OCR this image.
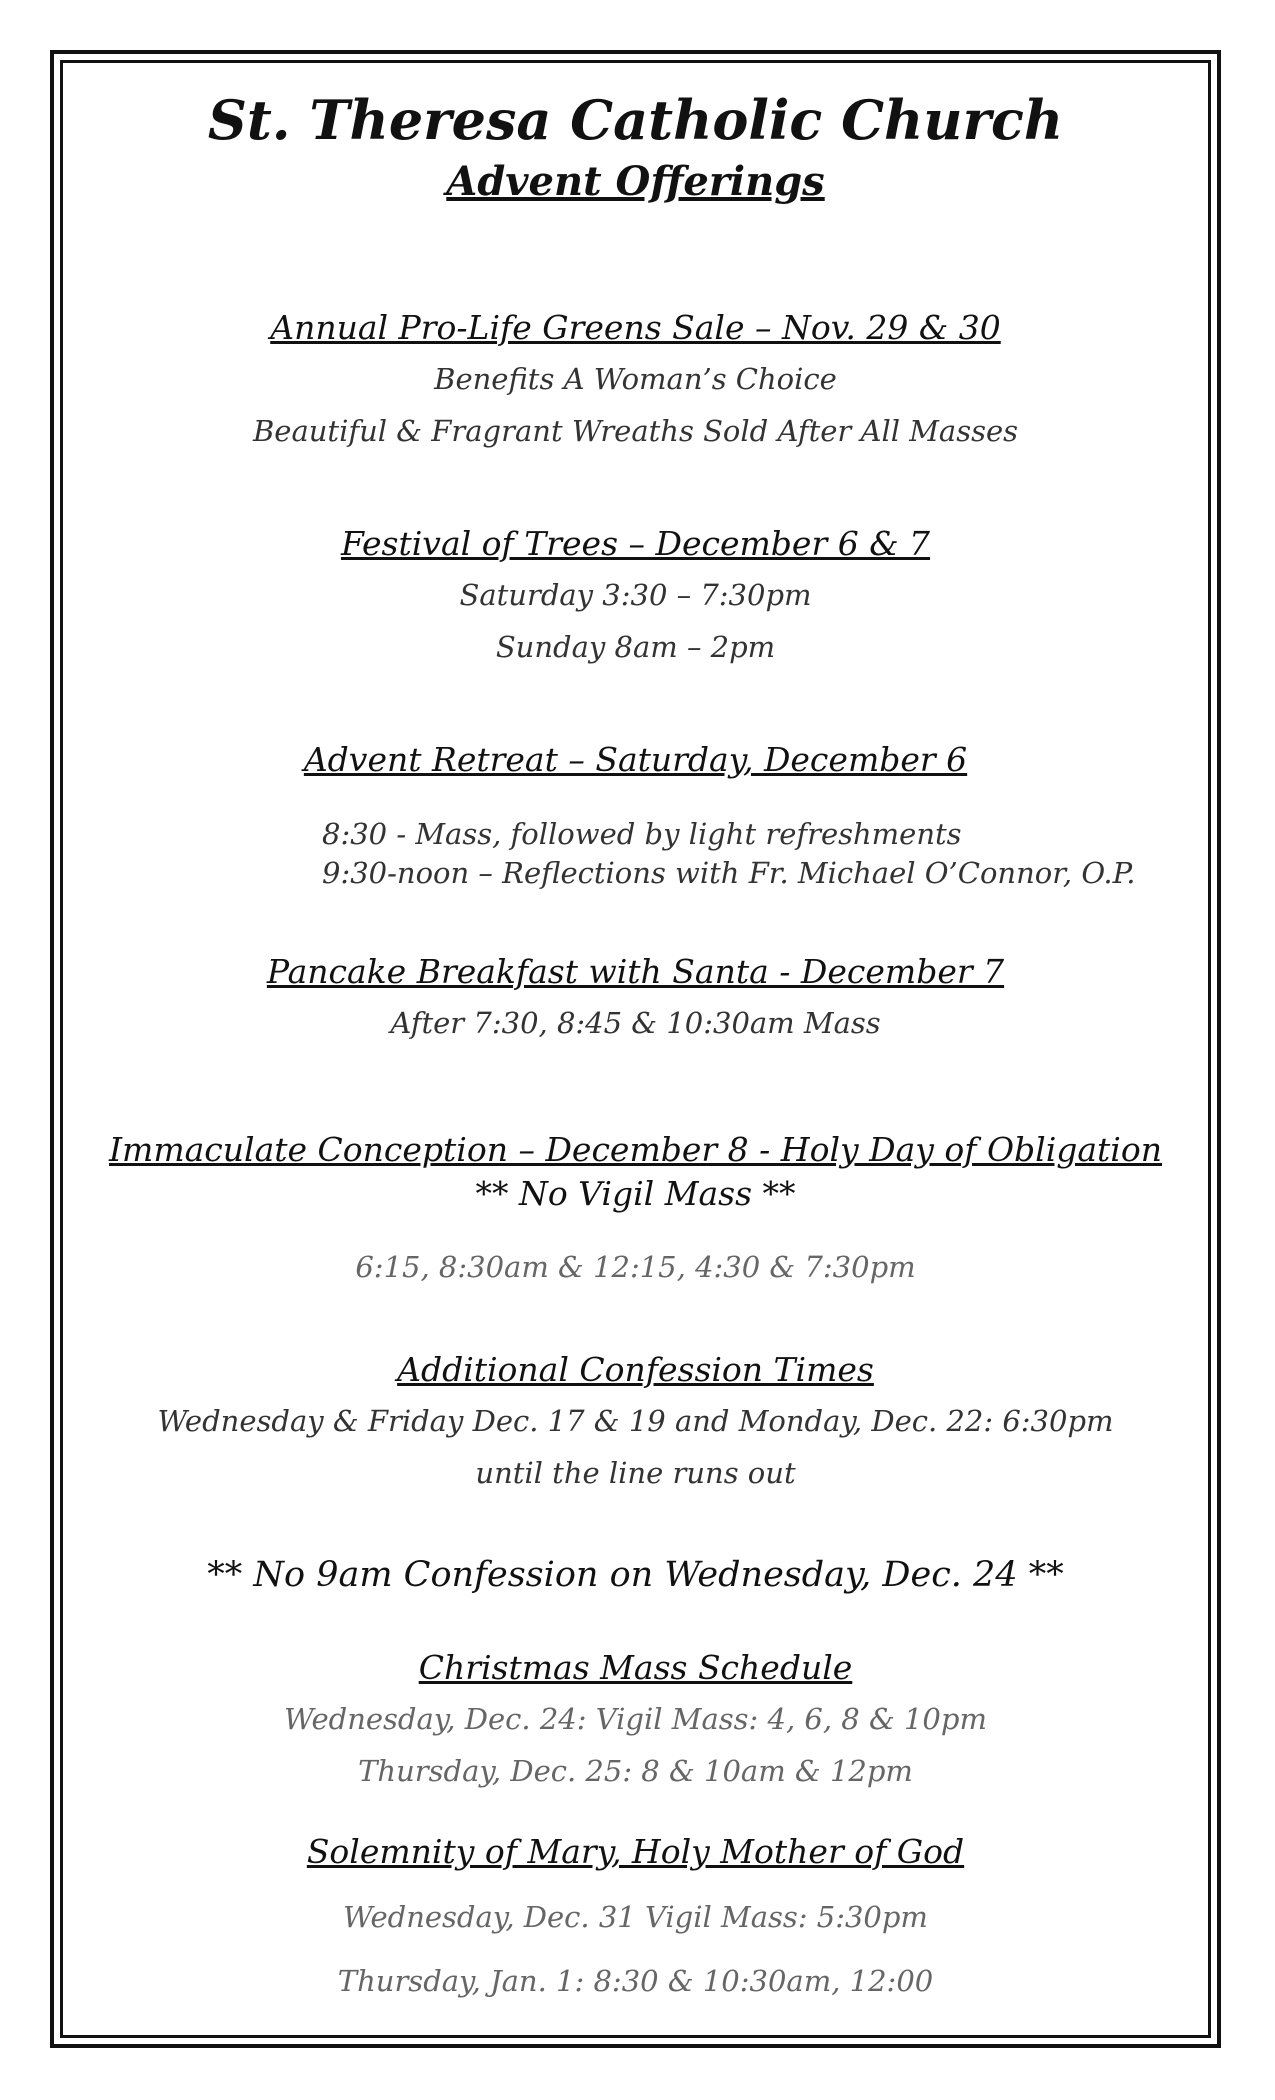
St. Theresa Catholic Church
Advent Offerings
Annual Pro-Life Greens Sale – Nov. 29 & 30
Benefits A Woman’s Choice
Beautiful & Fragrant Wreaths Sold After All Masses
Festival of Trees – December 6 & 7
Saturday 3:30 – 7:30pm
Sunday 8am – 2pm
Advent Retreat – Saturday, December 6
8:30 - Mass, followed by light refreshments
9:30-noon – Reflections with Fr. Michael O’Connor, O.P.
Pancake Breakfast with Santa - December 7
After 7:30, 8:45 & 10:30am Mass
Immaculate Conception – December 8 - Holy Day of Obligation
** No Vigil Mass **
6:15, 8:30am & 12:15, 4:30 & 7:30pm
Additional Confession Times
Wednesday & Friday Dec. 17 & 19 and Monday, Dec. 22: 6:30pm
until the line runs out
** No 9am Confession on Wednesday, Dec. 24 **
Christmas Mass Schedule
Wednesday, Dec. 24: Vigil Mass: 4, 6, 8 & 10pm
Thursday, Dec. 25: 8 & 10am & 12pm
Solemnity of Mary, Holy Mother of God
Wednesday, Dec. 31 Vigil Mass: 5:30pm
Thursday, Jan. 1: 8:30 & 10:30am, 12:00
